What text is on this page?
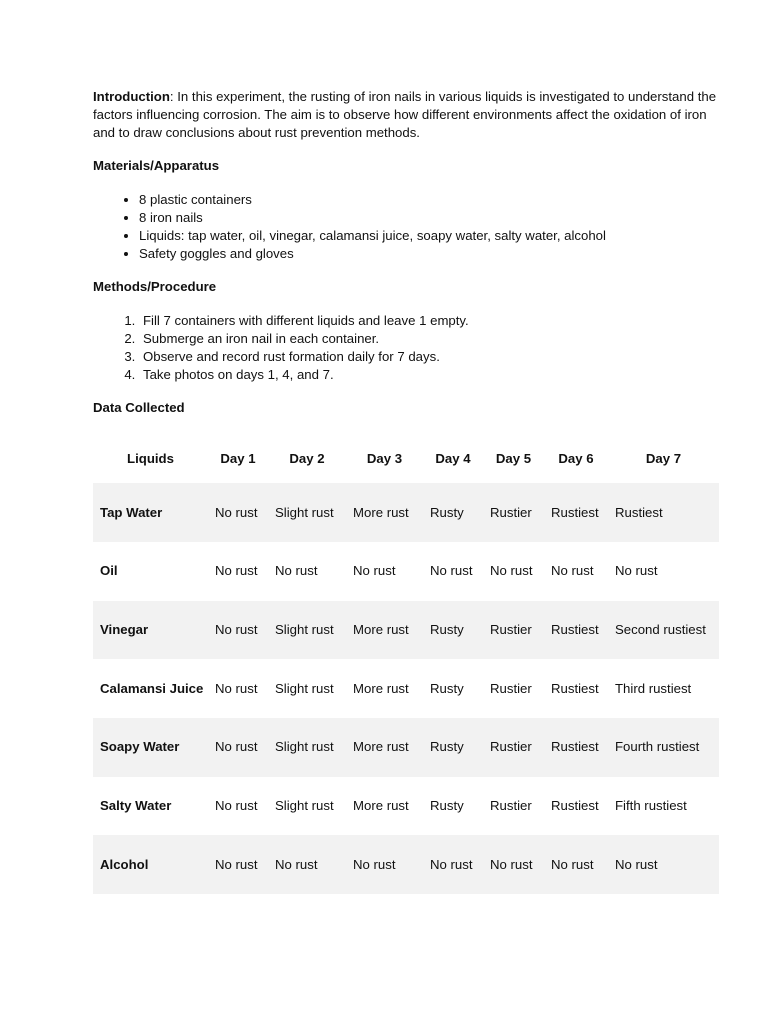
Introduction: In this experiment, the rusting of iron nails in various liquids is investigated to understand the factors influencing corrosion. The aim is to observe how different environments affect the oxidation of iron and to draw conclusions about rust prevention methods.

Materials/Apparatus

• 8 plastic containers
• 8 iron nails
• Liquids: tap water, oil, vinegar, calamansi juice, soapy water, salty water, alcohol
• Safety goggles and gloves

Methods/Procedure

1. Fill 7 containers with different liquids and leave 1 empty.
2. Submerge an iron nail in each container.
3. Observe and record rust formation daily for 7 days.
4. Take photos on days 1, 4, and 7.

Data Collected

Liquids	Day 1	Day 2	Day 3	Day 4	Day 5	Day 6	Day 7
Tap Water	No rust	Slight rust	More rust	Rusty	Rustier	Rustiest	Rustiest
Oil	No rust	No rust	No rust	No rust	No rust	No rust	No rust
Vinegar	No rust	Slight rust	More rust	Rusty	Rustier	Rustiest	Second rustiest
Calamansi Juice	No rust	Slight rust	More rust	Rusty	Rustier	Rustiest	Third rustiest
Soapy Water	No rust	Slight rust	More rust	Rusty	Rustier	Rustiest	Fourth rustiest
Salty Water	No rust	Slight rust	More rust	Rusty	Rustier	Rustiest	Fifth rustiest
Alcohol	No rust	No rust	No rust	No rust	No rust	No rust	No rust
